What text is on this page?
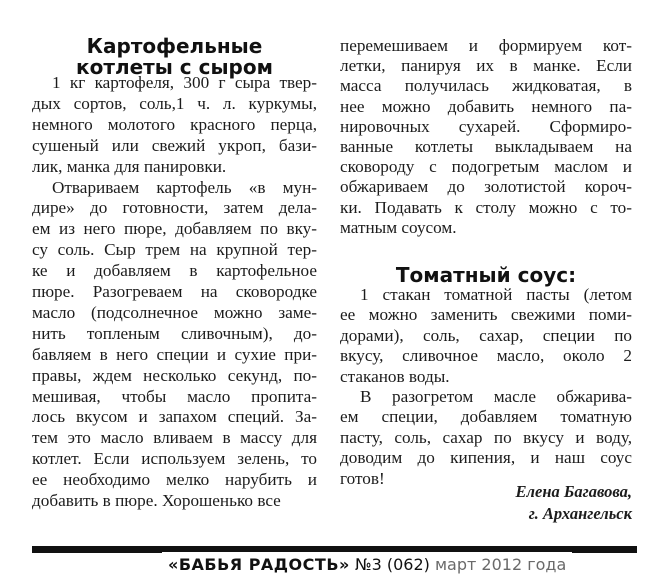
Картофельные
котлеты с сыром
1 кг картофеля, 300 г сыра твер-
дых сортов, соль,1 ч. л. куркумы,
немного молотого красного перца,
сушеный или свежий укроп, бази-
лик, манка для панировки.
Отвариваем картофель «в мун-
дире» до готовности, затем дела-
ем из него пюре, добавляем по вку-
су соль. Сыр трем на крупной тер-
ке и добавляем в картофельное
пюре. Разогреваем на сковородке
масло (подсолнечное можно заме-
нить топленым сливочным), до-
бавляем в него специи и сухие при-
правы, ждем несколько секунд, по-
мешивая, чтобы масло пропита-
лось вкусом и запахом специй. За-
тем это масло вливаем в массу для
котлет. Если используем зелень, то
ее необходимо мелко нарубить и
добавить в пюре. Хорошенько все
перемешиваем и формируем кот-
летки, панируя их в манке. Если
масса получилась жидковатая, в
нее можно добавить немного па-
нировочных сухарей. Сформиро-
ванные котлеты выкладываем на
сковороду с подогретым маслом и
обжариваем до золотистой короч-
ки. Подавать к столу можно с то-
матным соусом.
Томатный соус:
1 стакан томатной пасты (летом
ее можно заменить свежими поми-
дорами), соль, сахар, специи по
вкусу, сливочное масло, около 2
стаканов воды.
В разогретом масле обжарива-
ем специи, добавляем томатную
пасту, соль, сахар по вкусу и воду,
доводим до кипения, и наш соус
готов!
Елена Багавова,
г. Архангельск
«БАБЬЯ РАДОСТЬ» №3 (062) март 2012 года
